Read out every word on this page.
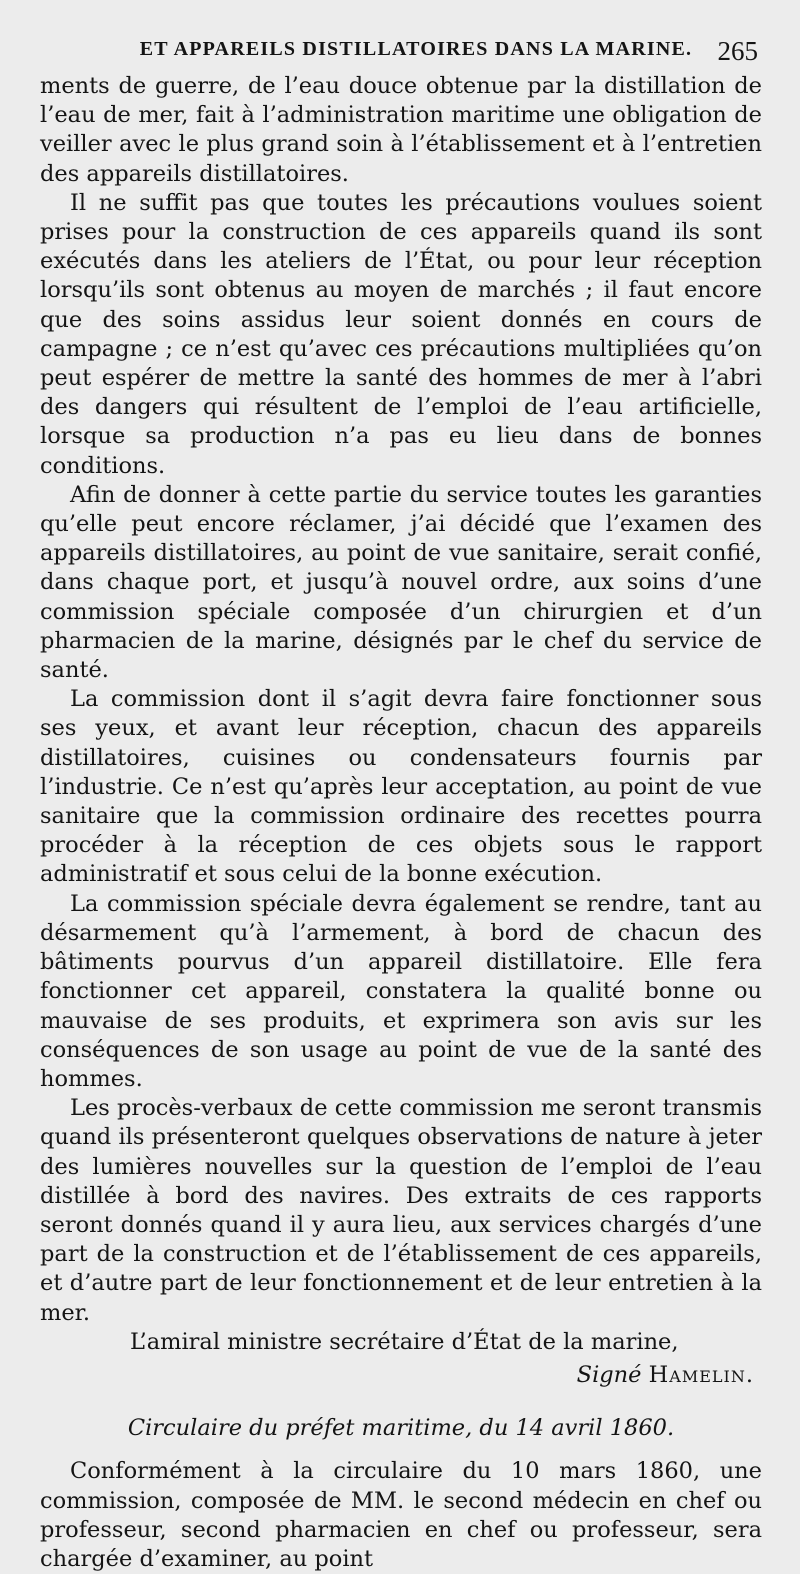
ET APPAREILS DISTILLATOIRES DANS LA MARINE. 265

ments de guerre, de l’eau douce obtenue par la distillation de l’eau de mer, fait à l’administration maritime une obligation de veiller avec le plus grand soin à l’établissement et à l’entretien des appareils distillatoires.

Il ne suffit pas que toutes les précautions voulues soient prises pour la construction de ces appareils quand ils sont exécutés dans les ateliers de l’État, ou pour leur réception lorsqu’ils sont obtenus au moyen de marchés ; il faut encore que des soins assidus leur soient donnés en cours de campagne ; ce n’est qu’avec ces précautions multipliées qu’on peut espérer de mettre la santé des hommes de mer à l’abri des dangers qui résultent de l’emploi de l’eau artificielle, lorsque sa production n’a pas eu lieu dans de bonnes conditions.

Afin de donner à cette partie du service toutes les garanties qu’elle peut encore réclamer, j’ai décidé que l’examen des appareils distillatoires, au point de vue sanitaire, serait confié, dans chaque port, et jusqu’à nouvel ordre, aux soins d’une commission spéciale composée d’un chirurgien et d’un pharmacien de la marine, désignés par le chef du service de santé.

La commission dont il s’agit devra faire fonctionner sous ses yeux, et avant leur réception, chacun des appareils distillatoires, cuisines ou condensateurs fournis par l’industrie. Ce n’est qu’après leur acceptation, au point de vue sanitaire que la commission ordinaire des recettes pourra procéder à la réception de ces objets sous le rapport administratif et sous celui de la bonne exécution.

La commission spéciale devra également se rendre, tant au désarmement qu’à l’armement, à bord de chacun des bâtiments pourvus d’un appareil distillatoire. Elle fera fonctionner cet appareil, constatera la qualité bonne ou mauvaise de ses produits, et exprimera son avis sur les conséquences de son usage au point de vue de la santé des hommes.

Les procès-verbaux de cette commission me seront transmis quand ils présenteront quelques observations de nature à jeter des lumières nouvelles sur la question de l’emploi de l’eau distillée à bord des navires. Des extraits de ces rapports seront donnés quand il y aura lieu, aux services chargés d’une part de la construction et de l’établissement de ces appareils, et d’autre part de leur fonctionnement et de leur entretien à la mer.

L’amiral ministre secrétaire d’État de la marine,

Signé Hamelin.

Circulaire du préfet maritime, du 14 avril 1860.

Conformément à la circulaire du 10 mars 1860, une commission, composée de MM. le second médecin en chef ou professeur, second pharmacien en chef ou professeur, sera chargée d’examiner, au point
